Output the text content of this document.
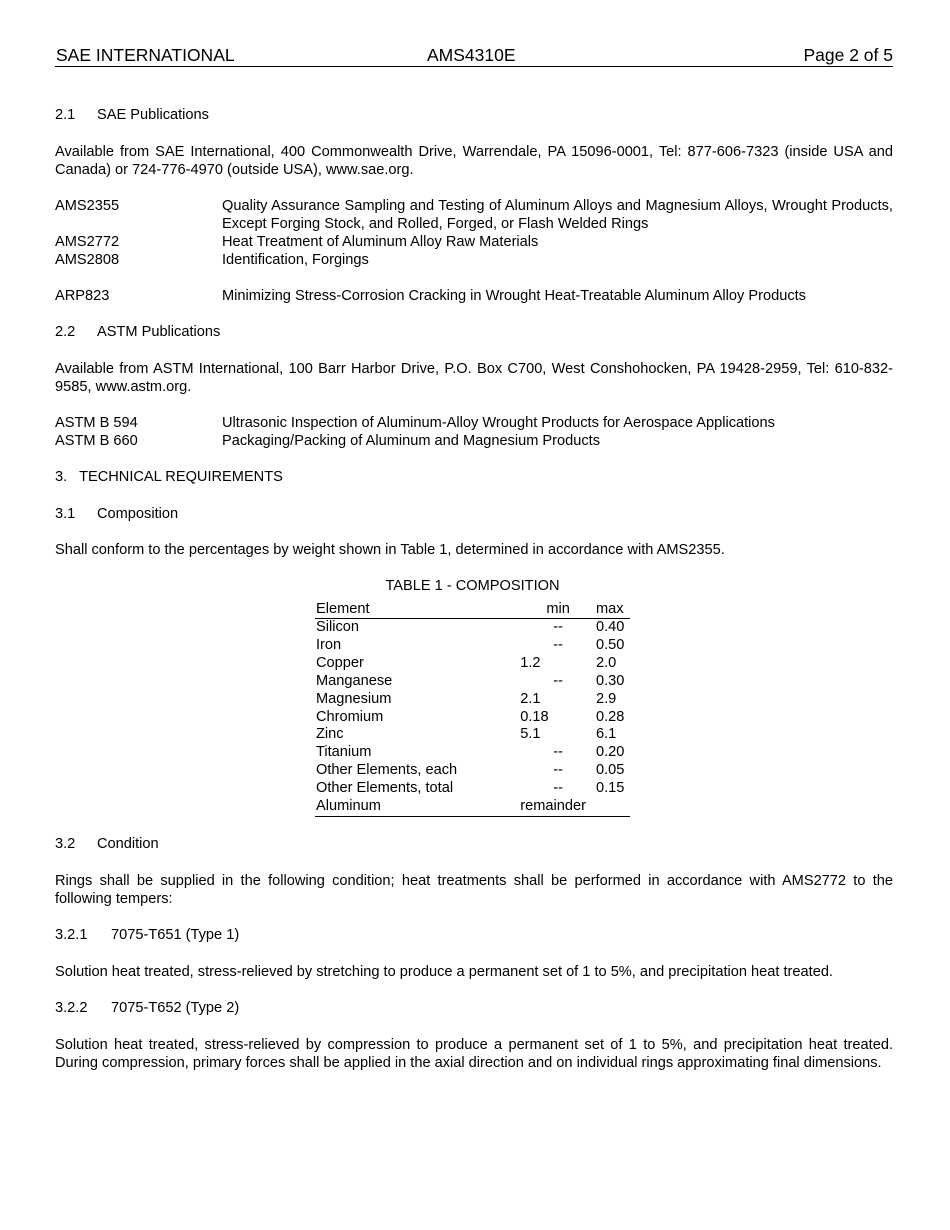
SAE INTERNATIONAL	AMS4310E	Page 2 of 5
2.1 SAE Publications
Available from SAE International, 400 Commonwealth Drive, Warrendale, PA 15096-0001, Tel: 877-606-7323 (inside USA and Canada) or 724-776-4970 (outside USA), www.sae.org.
AMS2355	Quality Assurance Sampling and Testing of Aluminum Alloys and Magnesium Alloys, Wrought Products, Except Forging Stock, and Rolled, Forged, or Flash Welded Rings
AMS2772	Heat Treatment of Aluminum Alloy Raw Materials
AMS2808	Identification, Forgings
ARP823	Minimizing Stress-Corrosion Cracking in Wrought Heat-Treatable Aluminum Alloy Products
2.2 ASTM Publications
Available from ASTM International, 100 Barr Harbor Drive, P.O. Box C700, West Conshohocken, PA 19428-2959, Tel: 610-832-9585, www.astm.org.
ASTM B 594	Ultrasonic Inspection of Aluminum-Alloy Wrought Products for Aerospace Applications
ASTM B 660	Packaging/Packing of Aluminum and Magnesium Products
3.   TECHNICAL REQUIREMENTS
3.1 Composition
Shall conform to the percentages by weight shown in Table 1, determined in accordance with AMS2355.
TABLE 1 - COMPOSITION
Element	min	max
Silicon	--	0.40
Iron	--	0.50
Copper	1.2	2.0
Manganese	--	0.30
Magnesium	2.1	2.9
Chromium	0.18	0.28
Zinc	5.1	6.1
Titanium	--	0.20
Other Elements, each	--	0.05
Other Elements, total	--	0.15
Aluminum	remainder	
3.2 Condition
Rings shall be supplied in the following condition; heat treatments shall be performed in accordance with AMS2772 to the following tempers:
3.2.1 7075-T651 (Type 1)
Solution heat treated, stress-relieved by stretching to produce a permanent set of 1 to 5%, and precipitation heat treated.
3.2.2 7075-T652 (Type 2)
Solution heat treated, stress-relieved by compression to produce a permanent set of 1 to 5%, and precipitation heat treated. During compression, primary forces shall be applied in the axial direction and on individual rings approximating final dimensions.
